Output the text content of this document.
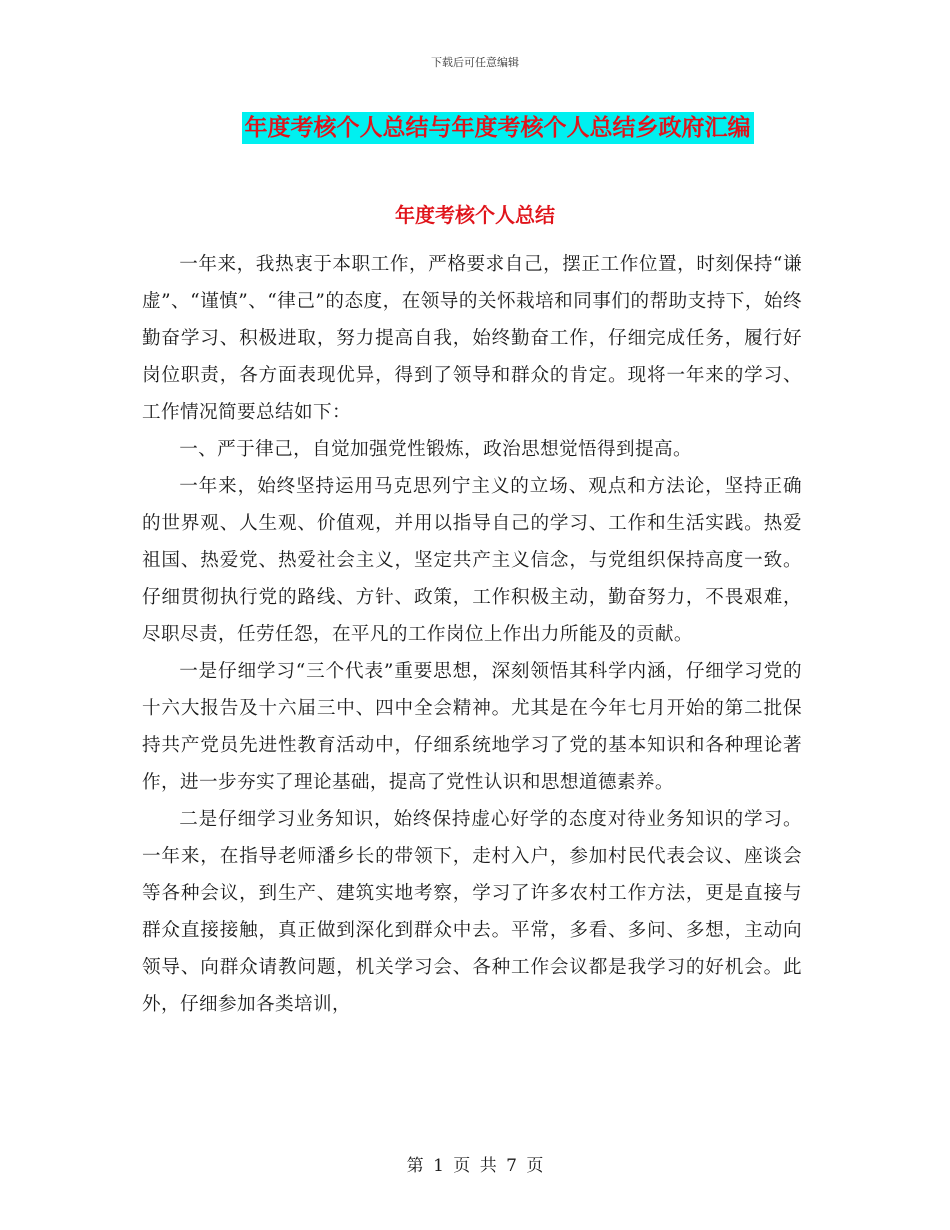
下载后可任意编辑
年度考核个人总结与年度考核个人总结乡政府汇编
年度考核个人总结

一年来，我热衷于本职工作，严格要求自己，摆正工作位置，时刻保持“谦虚”、“谨慎”、“律己”的态度，在领导的关怀栽培和同事们的帮助支持下，始终勤奋学习、积极进取，努力提高自我，始终勤奋工作，仔细完成任务，履行好岗位职责，各方面表现优异，得到了领导和群众的肯定。现将一年来的学习、工作情况简要总结如下：

一、严于律己，自觉加强党性锻炼，政治思想觉悟得到提高。

一年来，始终坚持运用马克思列宁主义的立场、观点和方法论，坚持正确的世界观、人生观、价值观，并用以指导自己的学习、工作和生活实践。热爱祖国、热爱党、热爱社会主义，坚定共产主义信念，与党组织保持高度一致。仔细贯彻执行党的路线、方针、政策，工作积极主动，勤奋努力，不畏艰难，尽职尽责，任劳任怨，在平凡的工作岗位上作出力所能及的贡献。

一是仔细学习“三个代表”重要思想，深刻领悟其科学内涵，仔细学习党的十六大报告及十六届三中、四中全会精神。尤其是在今年七月开始的第二批保持共产党员先进性教育活动中，仔细系统地学习了党的基本知识和各种理论著作，进一步夯实了理论基础，提高了党性认识和思想道德素养。

二是仔细学习业务知识，始终保持虚心好学的态度对待业务知识的学习。一年来，在指导老师潘乡长的带领下，走村入户，参加村民代表会议、座谈会等各种会议，到生产、建筑实地考察，学习了许多农村工作方法，更是直接与群众直接接触，真正做到深化到群众中去。平常，多看、多问、多想，主动向领导、向群众请教问题，机关学习会、各种工作会议都是我学习的好机会。此外，仔细参加各类培训，

第 1 页 共 7 页
